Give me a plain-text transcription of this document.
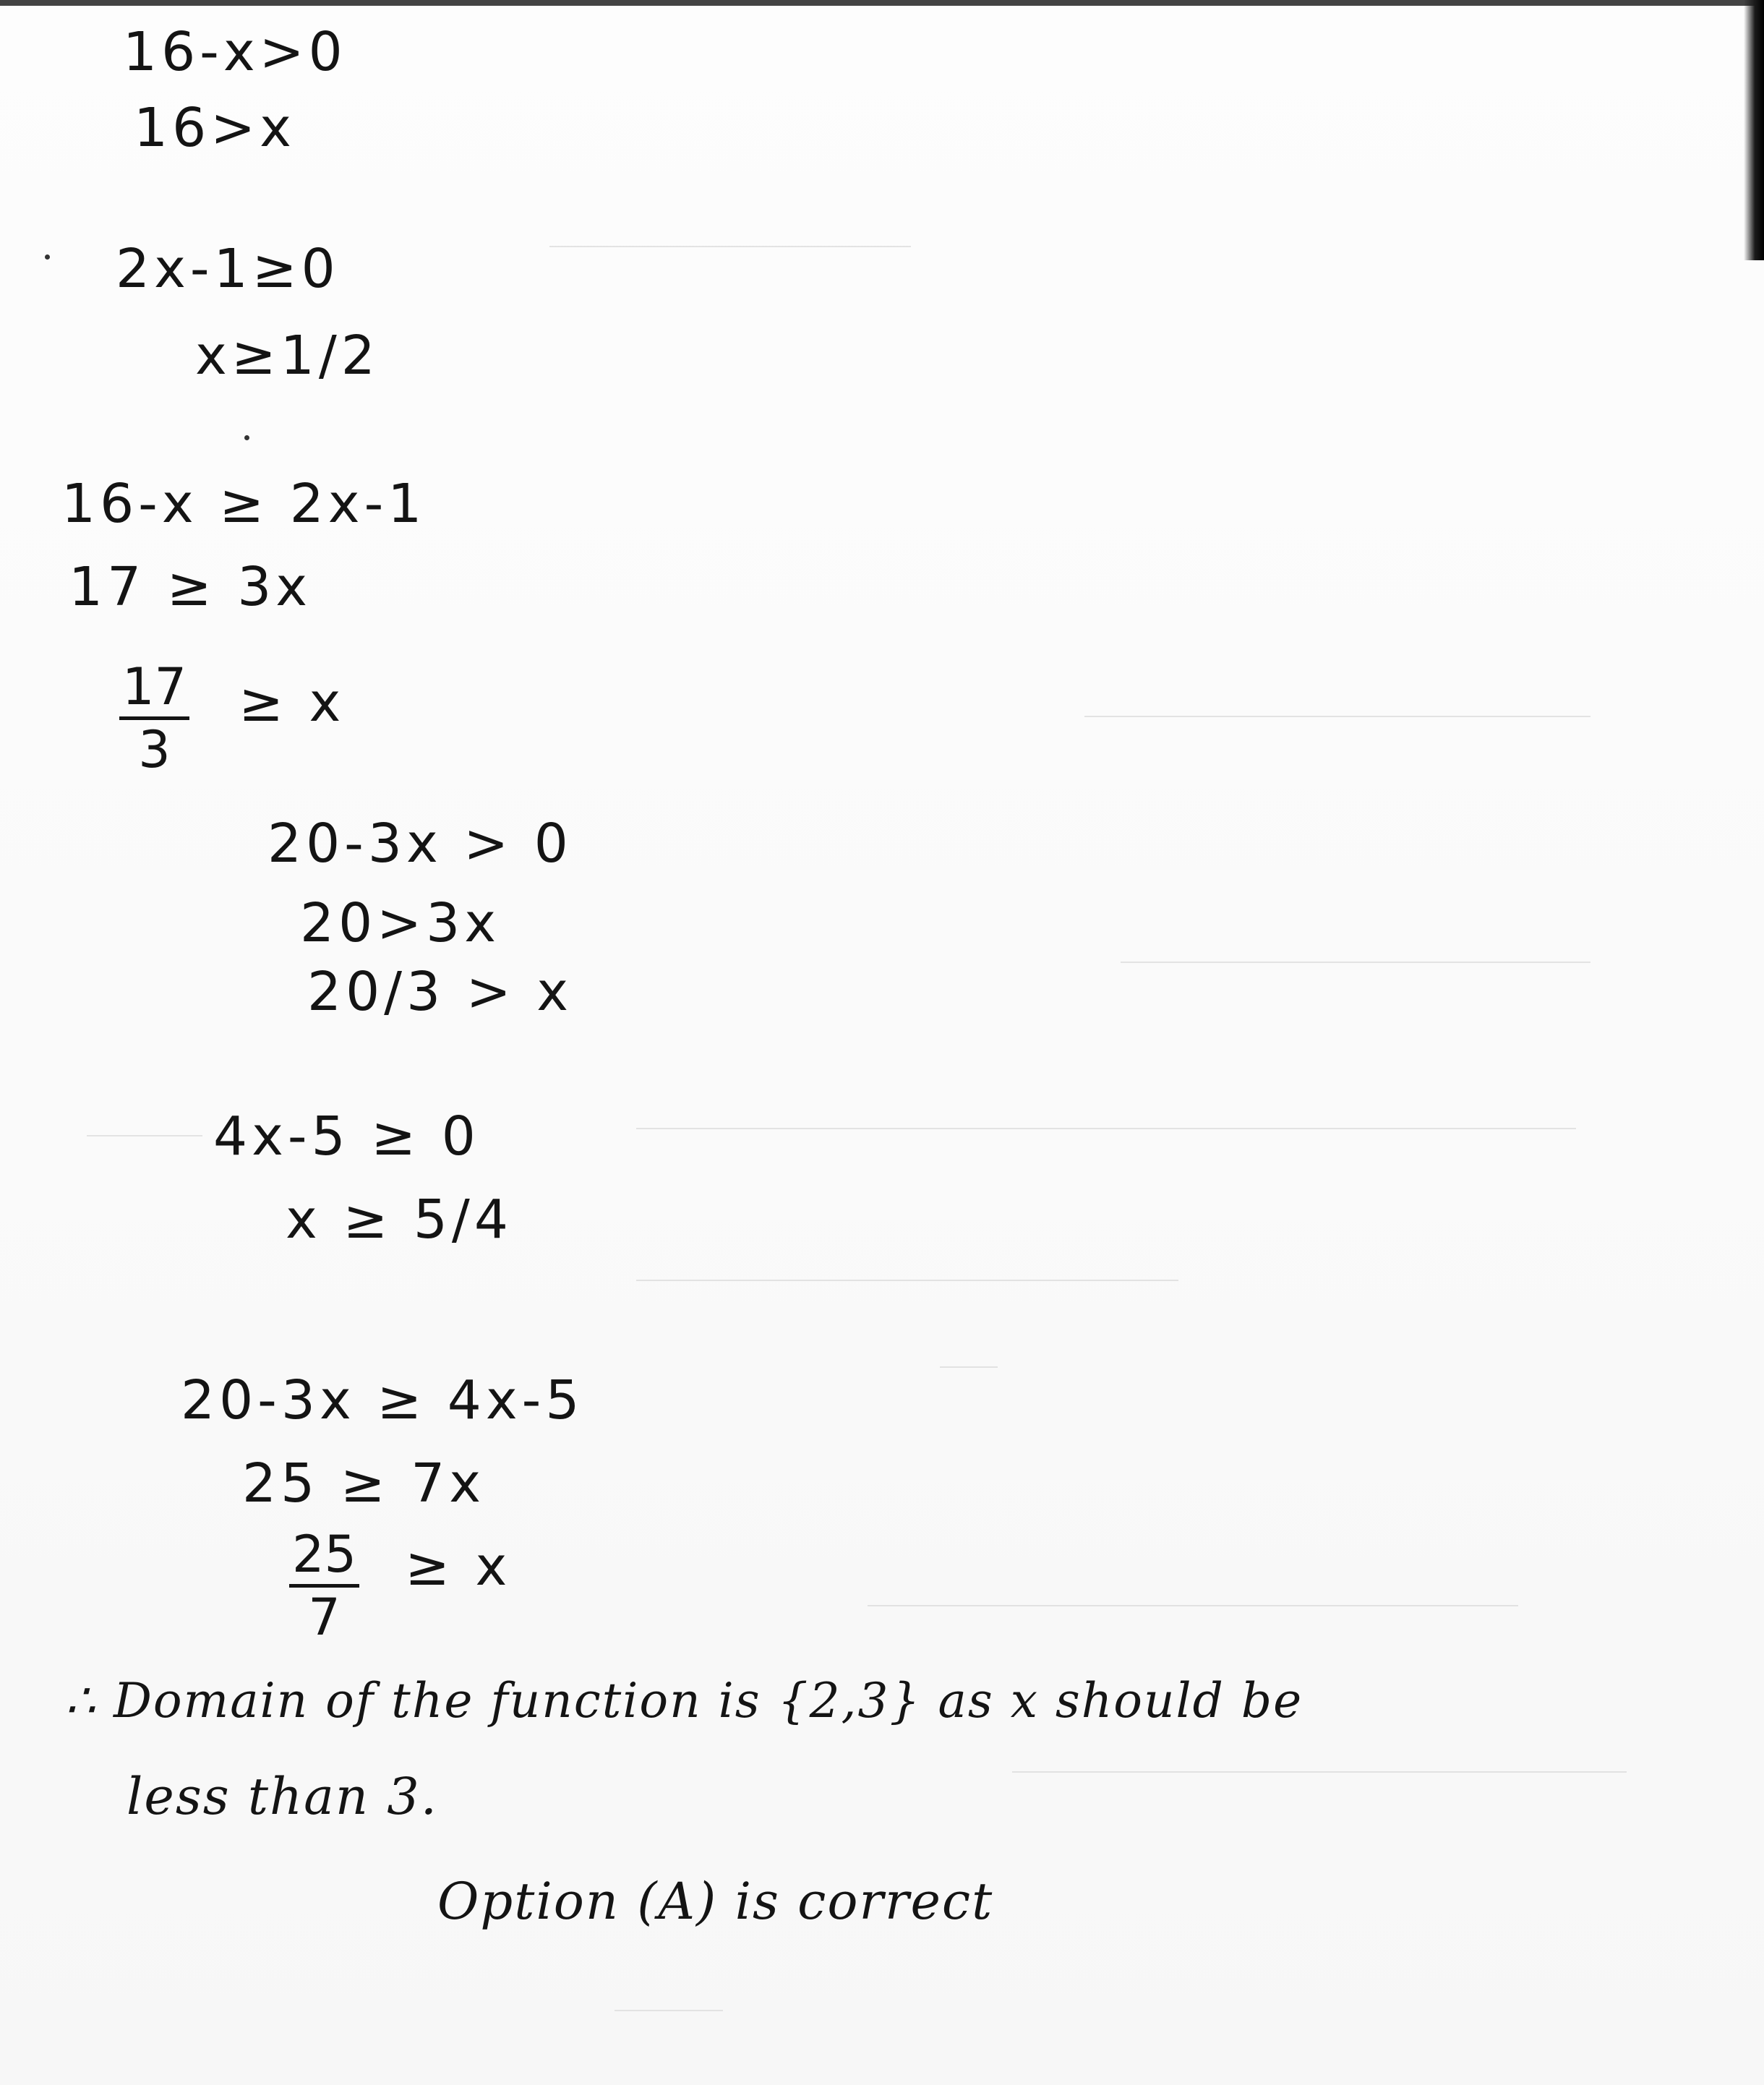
16-x>0
16>x
2x-1≥0
x≥1/2
16-x ≥ 2x-1
17 ≥ 3x
$\frac{17}{3} \ge x$
20-3x > 0
20>3x
20/3 > x
4x-5 ≥ 0
x ≥ 5/4
20-3x ≥ 4x-5
25 ≥ 7x
$\frac{25}{7} \ge x$
∴ Domain of the function is {2,3} as x should be
less than 3.
Option (A) is correct
